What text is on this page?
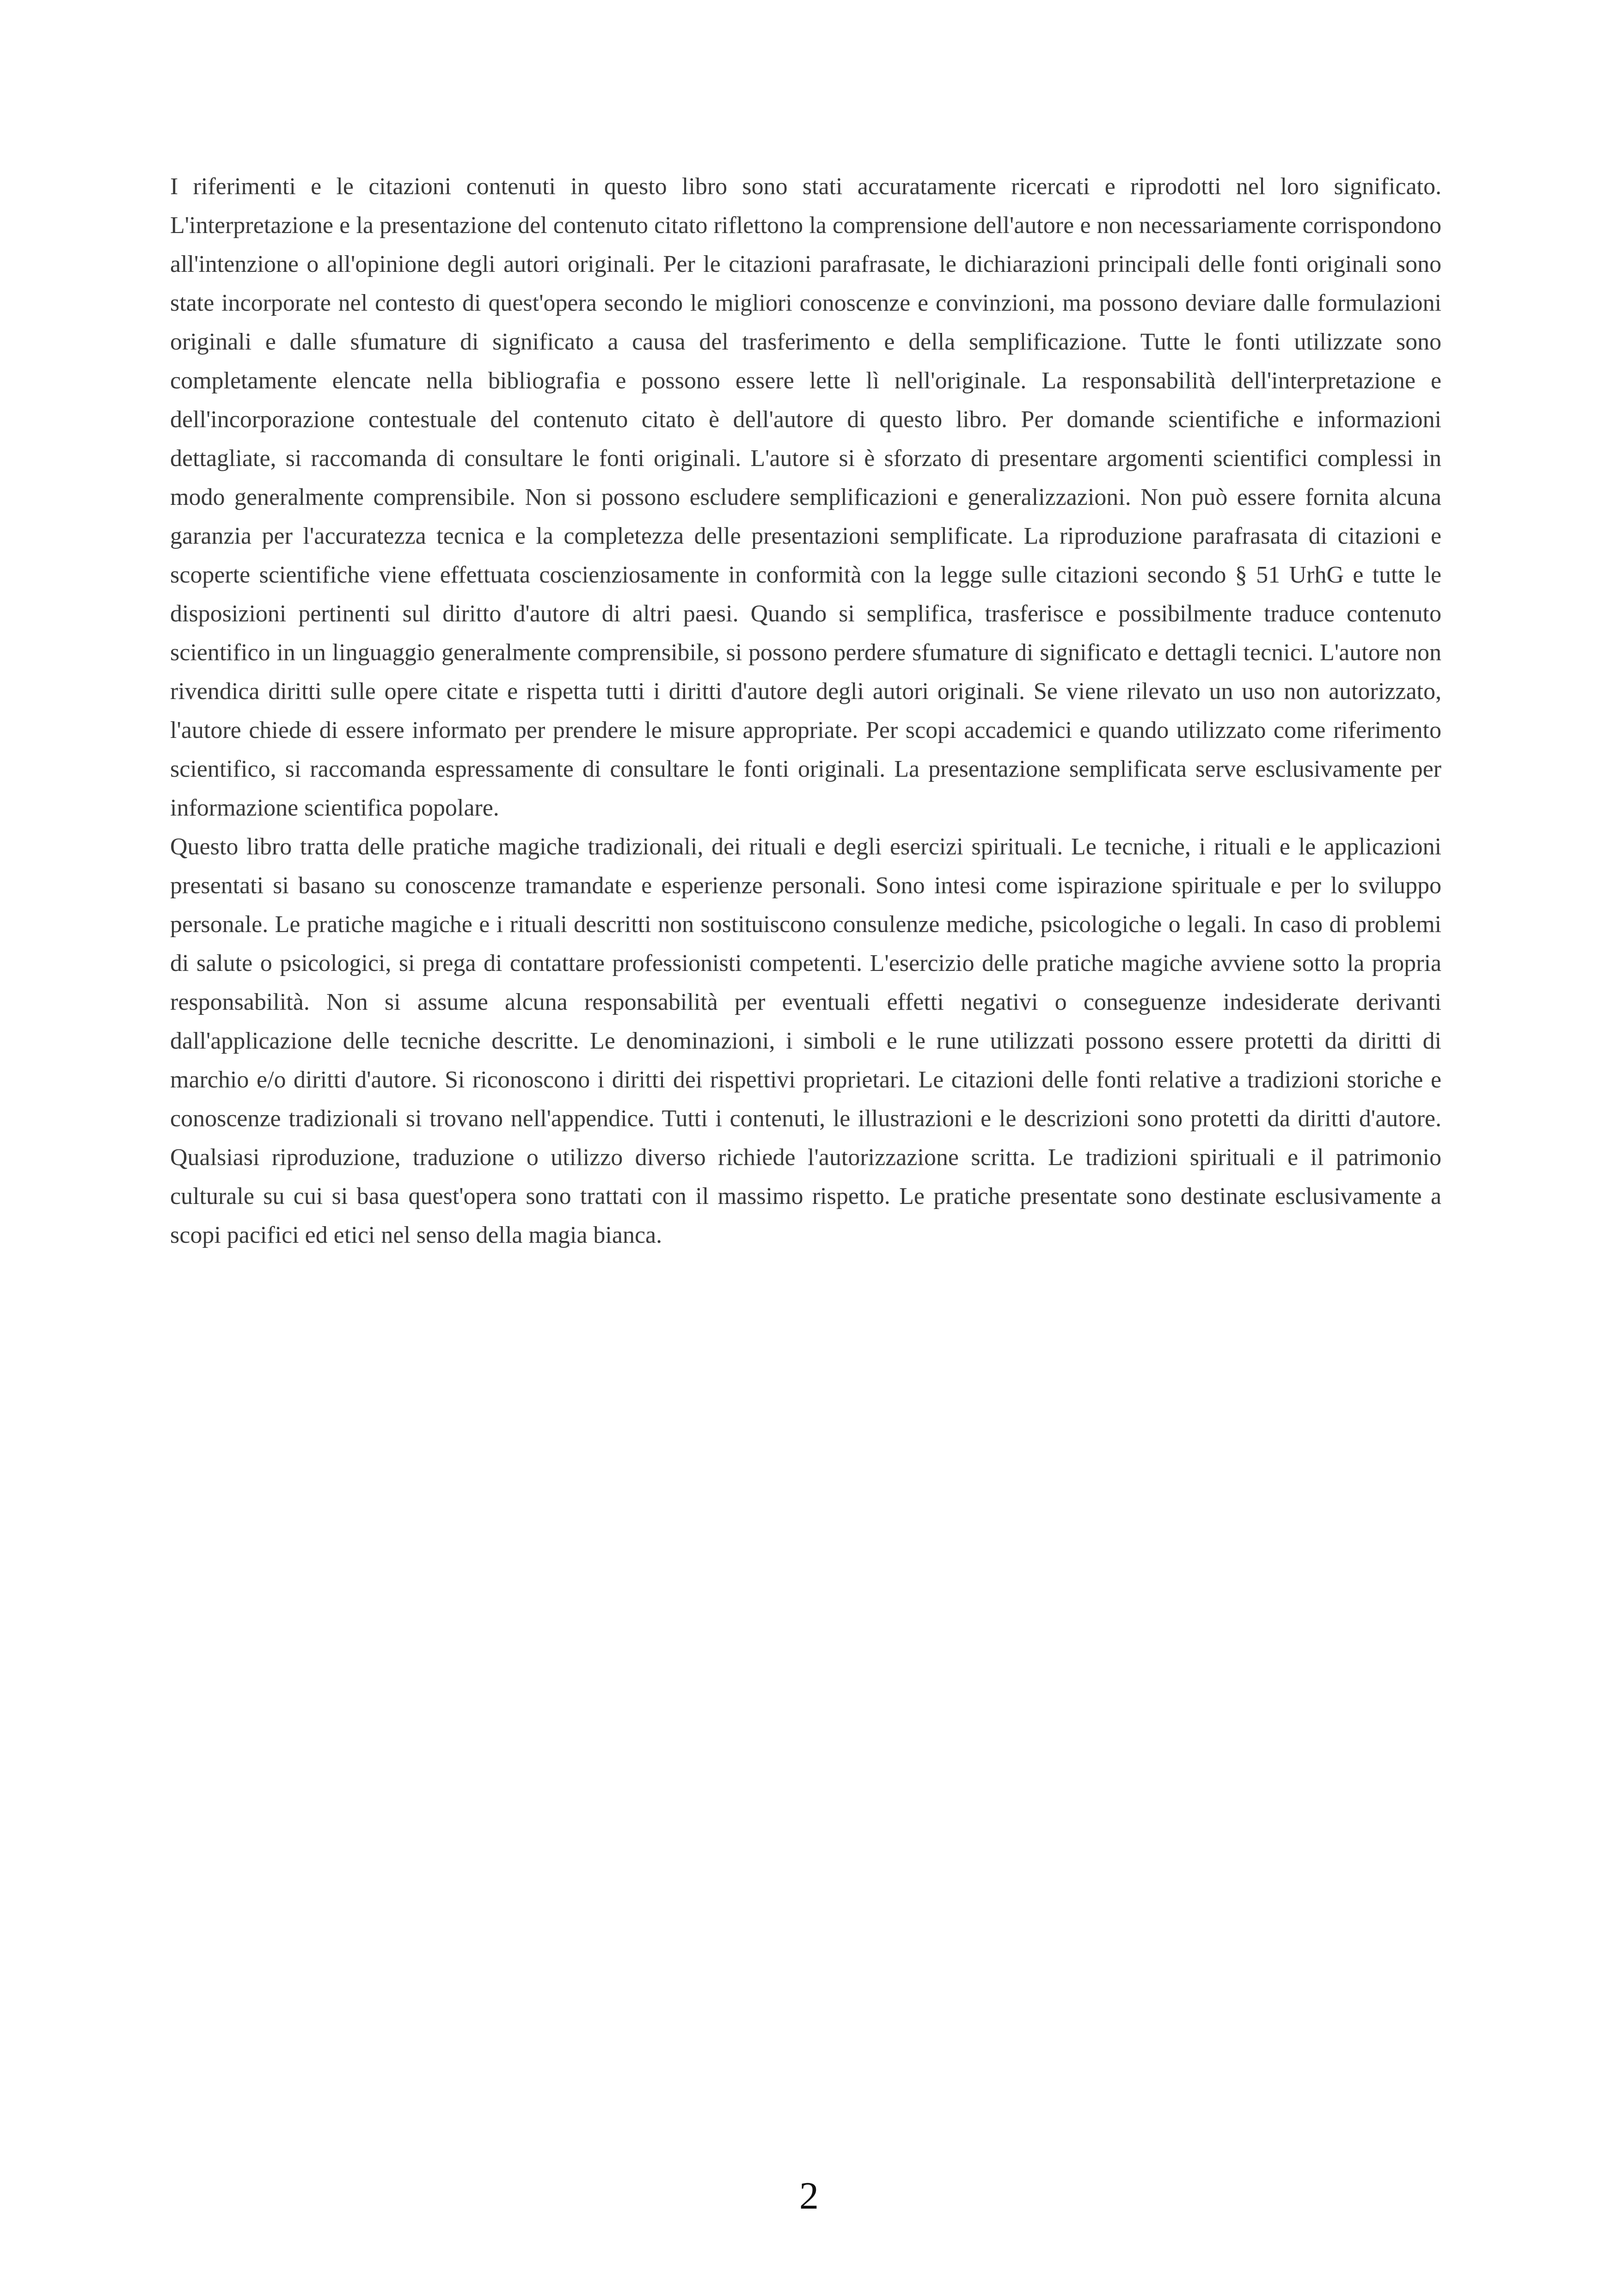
I riferimenti e le citazioni contenuti in questo libro sono stati accuratamente ricercati e riprodotti nel loro significato. L'interpretazione e la presentazione del contenuto citato riflettono la comprensione dell'autore e non necessariamente corrispondono all'intenzione o all'opinione degli autori originali. Per le citazioni parafrasate, le dichiarazioni principali delle fonti originali sono state incorporate nel contesto di quest'opera secondo le migliori conoscenze e convinzioni, ma possono deviare dalle formulazioni originali e dalle sfumature di significato a causa del trasferimento e della semplificazione. Tutte le fonti utilizzate sono completamente elencate nella bibliografia e possono essere lette lì nell'originale. La responsabilità dell'interpretazione e dell'incorporazione contestuale del contenuto citato è dell'autore di questo libro. Per domande scientifiche e informazioni dettagliate, si raccomanda di consultare le fonti originali. L'autore si è sforzato di presentare argomenti scientifici complessi in modo generalmente comprensibile. Non si possono escludere semplificazioni e generalizzazioni. Non può essere fornita alcuna garanzia per l'accuratezza tecnica e la completezza delle presentazioni semplificate. La riproduzione parafrasata di citazioni e scoperte scientifiche viene effettuata coscienziosamente in conformità con la legge sulle citazioni secondo § 51 UrhG e tutte le disposizioni pertinenti sul diritto d'autore di altri paesi. Quando si semplifica, trasferisce e possibilmente traduce contenuto scientifico in un linguaggio generalmente comprensibile, si possono perdere sfumature di significato e dettagli tecnici. L'autore non rivendica diritti sulle opere citate e rispetta tutti i diritti d'autore degli autori originali. Se viene rilevato un uso non autorizzato, l'autore chiede di essere informato per prendere le misure appropriate. Per scopi accademici e quando utilizzato come riferimento scientifico, si raccomanda espressamente di consultare le fonti originali. La presentazione semplificata serve esclusivamente per informazione scientifica popolare.

Questo libro tratta delle pratiche magiche tradizionali, dei rituali e degli esercizi spirituali. Le tecniche, i rituali e le applicazioni presentati si basano su conoscenze tramandate e esperienze personali. Sono intesi come ispirazione spirituale e per lo sviluppo personale. Le pratiche magiche e i rituali descritti non sostituiscono consulenze mediche, psicologiche o legali. In caso di problemi di salute o psicologici, si prega di contattare professionisti competenti. L'esercizio delle pratiche magiche avviene sotto la propria responsabilità. Non si assume alcuna responsabilità per eventuali effetti negativi o conseguenze indesiderate derivanti dall'applicazione delle tecniche descritte. Le denominazioni, i simboli e le rune utilizzati possono essere protetti da diritti di marchio e/o diritti d'autore. Si riconoscono i diritti dei rispettivi proprietari. Le citazioni delle fonti relative a tradizioni storiche e conoscenze tradizionali si trovano nell'appendice. Tutti i contenuti, le illustrazioni e le descrizioni sono protetti da diritti d'autore. Qualsiasi riproduzione, traduzione o utilizzo diverso richiede l'autorizzazione scritta. Le tradizioni spirituali e il patrimonio culturale su cui si basa quest'opera sono trattati con il massimo rispetto. Le pratiche presentate sono destinate esclusivamente a scopi pacifici ed etici nel senso della magia bianca.

2
